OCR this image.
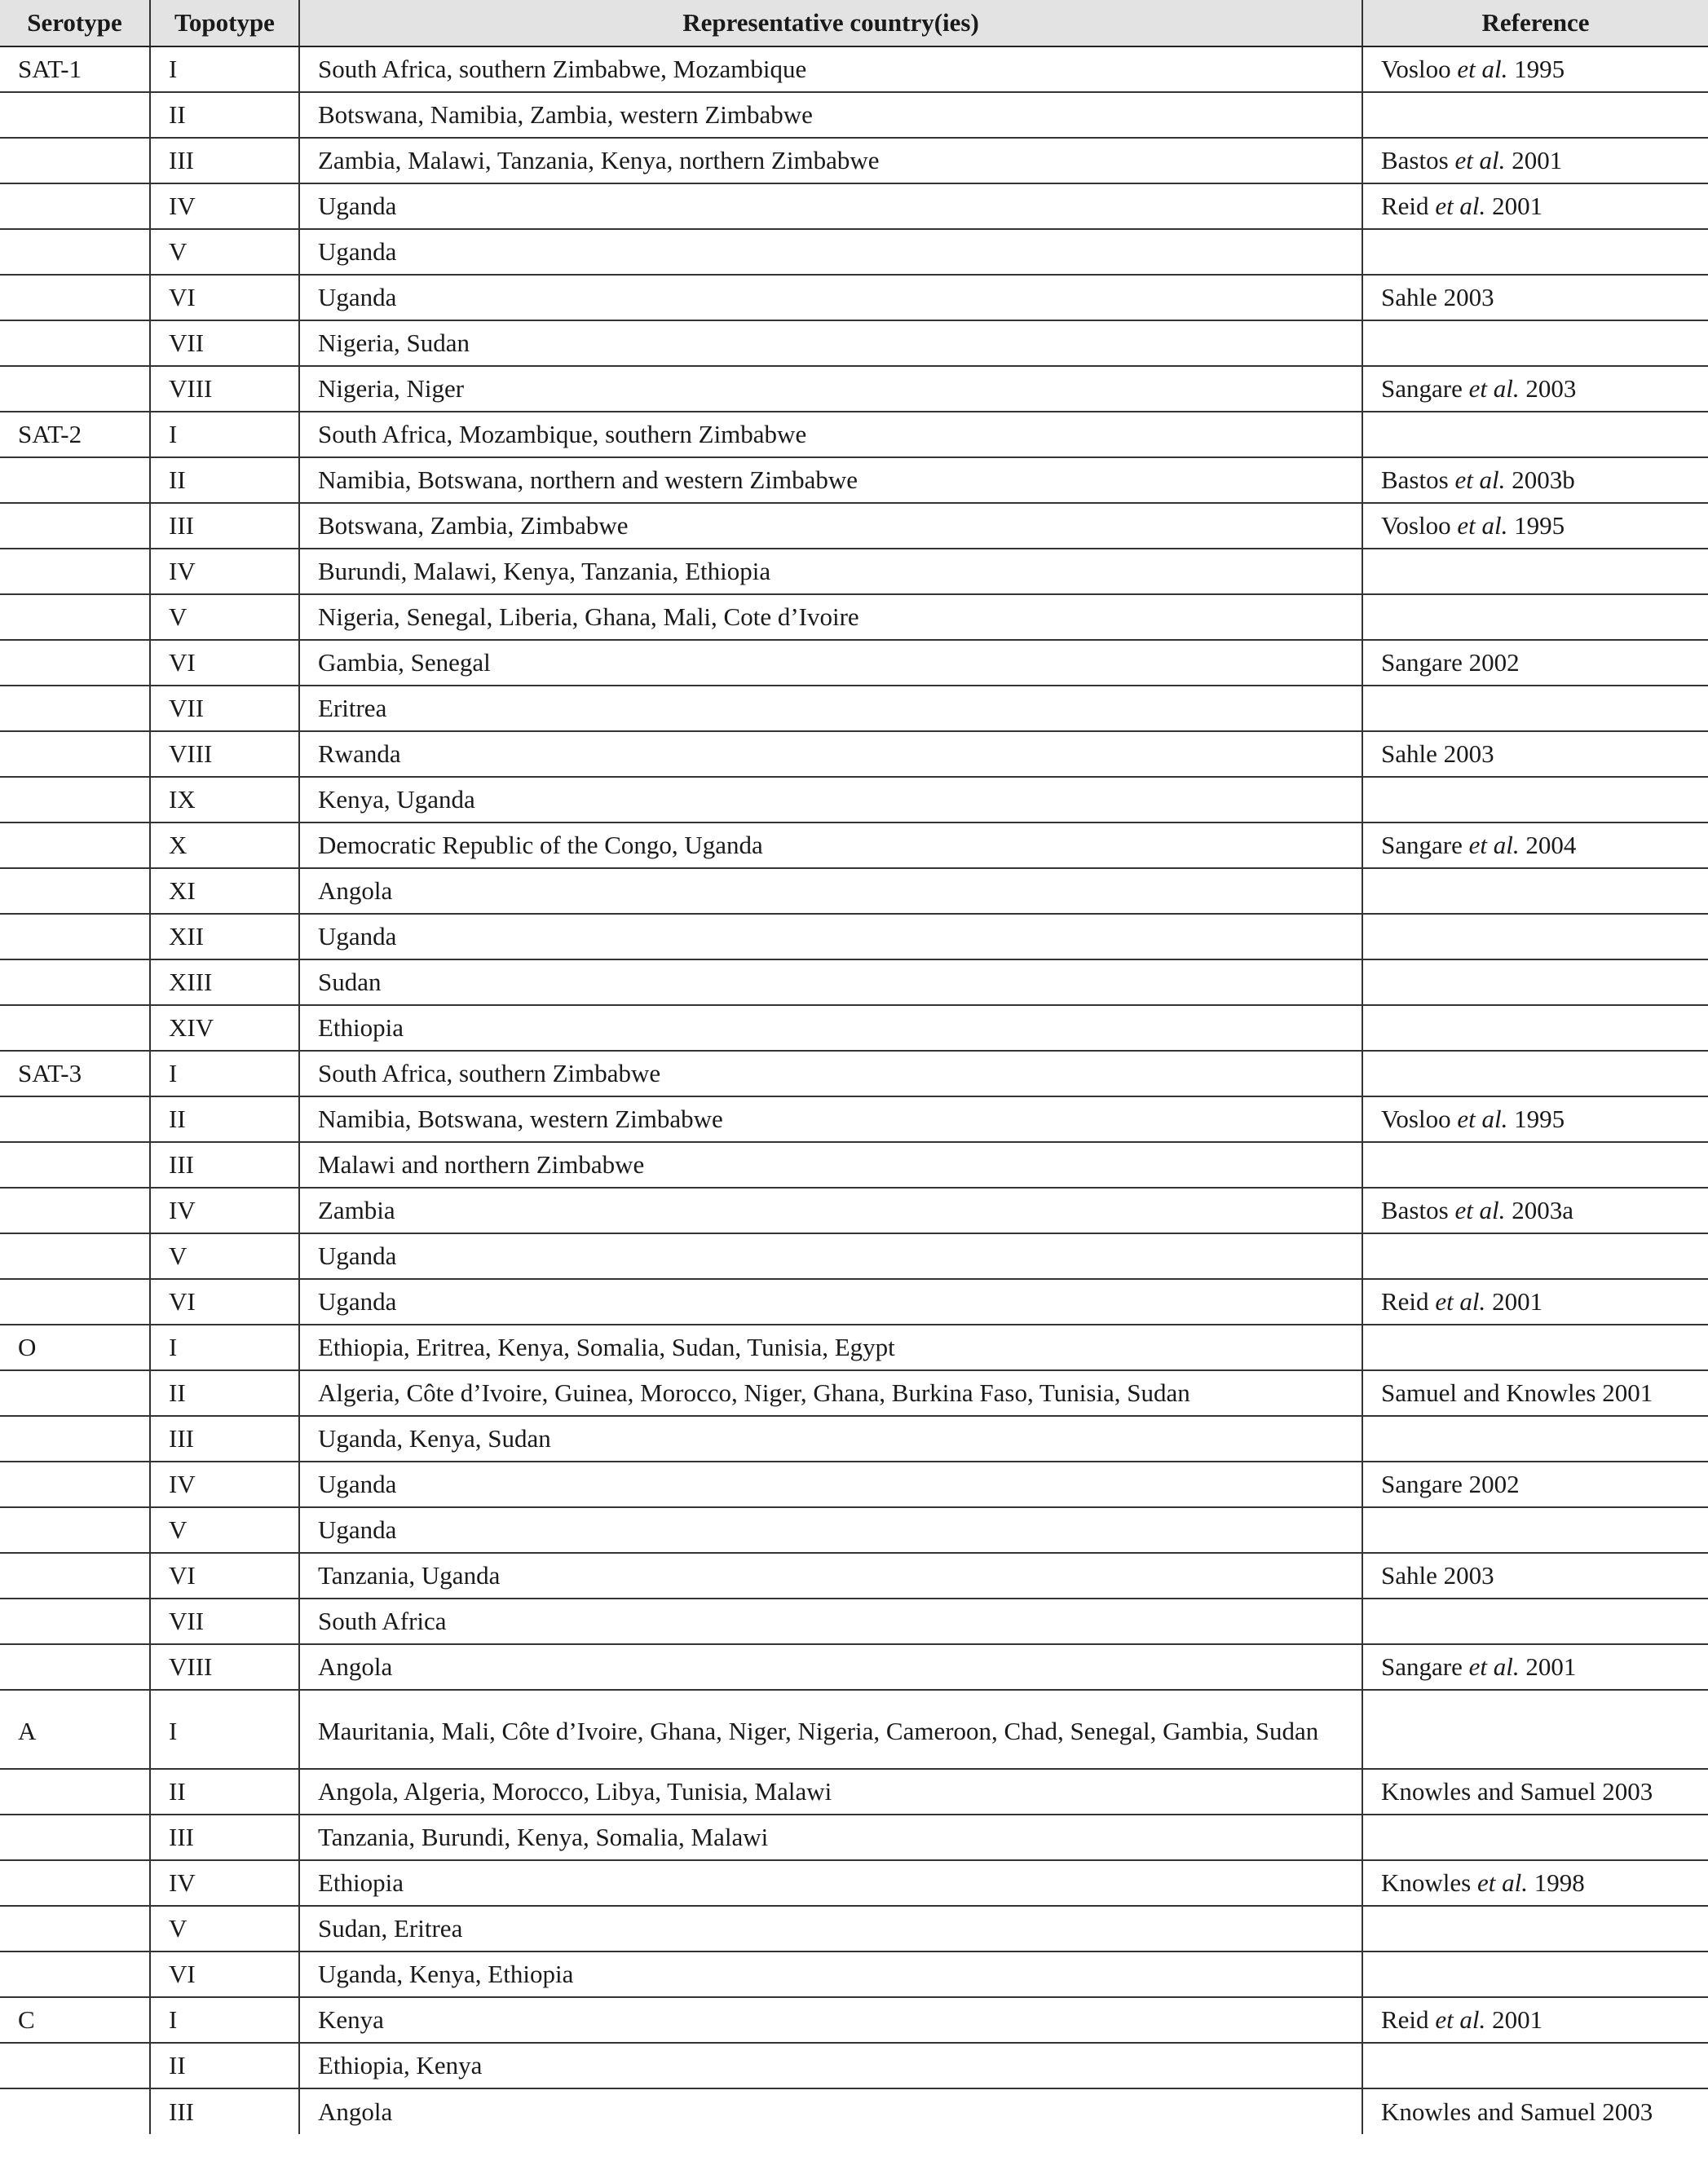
Serotype	Topotype	Representative country(ies)	Reference
SAT-1	I	South Africa, southern Zimbabwe, Mozambique	Vosloo et al. 1995
	II	Botswana, Namibia, Zambia, western Zimbabwe	
	III	Zambia, Malawi, Tanzania, Kenya, northern Zimbabwe	Bastos et al. 2001
	IV	Uganda	Reid et al. 2001
	V	Uganda	
	VI	Uganda	Sahle 2003
	VII	Nigeria, Sudan	
	VIII	Nigeria, Niger	Sangare et al. 2003
SAT-2	I	South Africa, Mozambique, southern Zimbabwe	
	II	Namibia, Botswana, northern and western Zimbabwe	Bastos et al. 2003b
	III	Botswana, Zambia, Zimbabwe	Vosloo et al. 1995
	IV	Burundi, Malawi, Kenya, Tanzania, Ethiopia	
	V	Nigeria, Senegal, Liberia, Ghana, Mali, Cote d’Ivoire	
	VI	Gambia, Senegal	Sangare 2002
	VII	Eritrea	
	VIII	Rwanda	Sahle 2003
	IX	Kenya, Uganda	
	X	Democratic Republic of the Congo, Uganda	Sangare et al. 2004
	XI	Angola	
	XII	Uganda	
	XIII	Sudan	
	XIV	Ethiopia	
SAT-3	I	South Africa, southern Zimbabwe	
	II	Namibia, Botswana, western Zimbabwe	Vosloo et al. 1995
	III	Malawi and northern Zimbabwe	
	IV	Zambia	Bastos et al. 2003a
	V	Uganda	
	VI	Uganda	Reid et al. 2001
O	I	Ethiopia, Eritrea, Kenya, Somalia, Sudan, Tunisia, Egypt	
	II	Algeria, Côte d’Ivoire, Guinea, Morocco, Niger, Ghana, Burkina Faso, Tunisia, Sudan	Samuel and Knowles 2001
	III	Uganda, Kenya, Sudan	
	IV	Uganda	Sangare 2002
	V	Uganda	
	VI	Tanzania, Uganda	Sahle 2003
	VII	South Africa	
	VIII	Angola	Sangare et al. 2001
A	I	Mauritania, Mali, Côte d’Ivoire, Ghana, Niger, Nigeria, Cameroon, Chad, Senegal, Gambia, Sudan	
	II	Angola, Algeria, Morocco, Libya, Tunisia, Malawi	Knowles and Samuel 2003
	III	Tanzania, Burundi, Kenya, Somalia, Malawi	
	IV	Ethiopia	Knowles et al. 1998
	V	Sudan, Eritrea	
	VI	Uganda, Kenya, Ethiopia	
C	I	Kenya	Reid et al. 2001
	II	Ethiopia, Kenya	
	III	Angola	Knowles and Samuel 2003
